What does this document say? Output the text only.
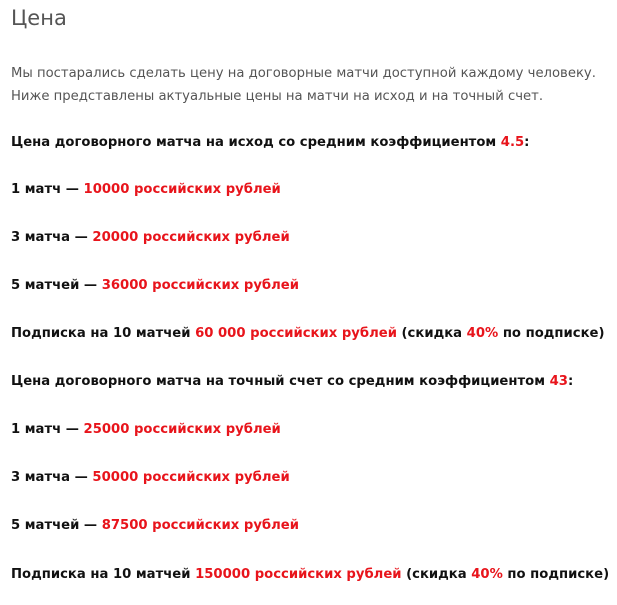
Цена

Мы постарались сделать цену на договорные матчи доступной каждому человеку.
Ниже представлены актуальные цены на матчи на исход и на точный счет.

Цена договорного матча на исход со средним коэффициентом 4.5:

1 матч — 10000 российских рублей

3 матча — 20000 российских рублей

5 матчей — 36000 российских рублей

Подписка на 10 матчей 60 000 российских рублей (скидка 40% по подписке)

Цена договорного матча на точный счет со средним коэффициентом 43:

1 матч — 25000 российских рублей

3 матча — 50000 российских рублей

5 матчей — 87500 российских рублей

Подписка на 10 матчей 150000 российских рублей (скидка 40% по подписке)
